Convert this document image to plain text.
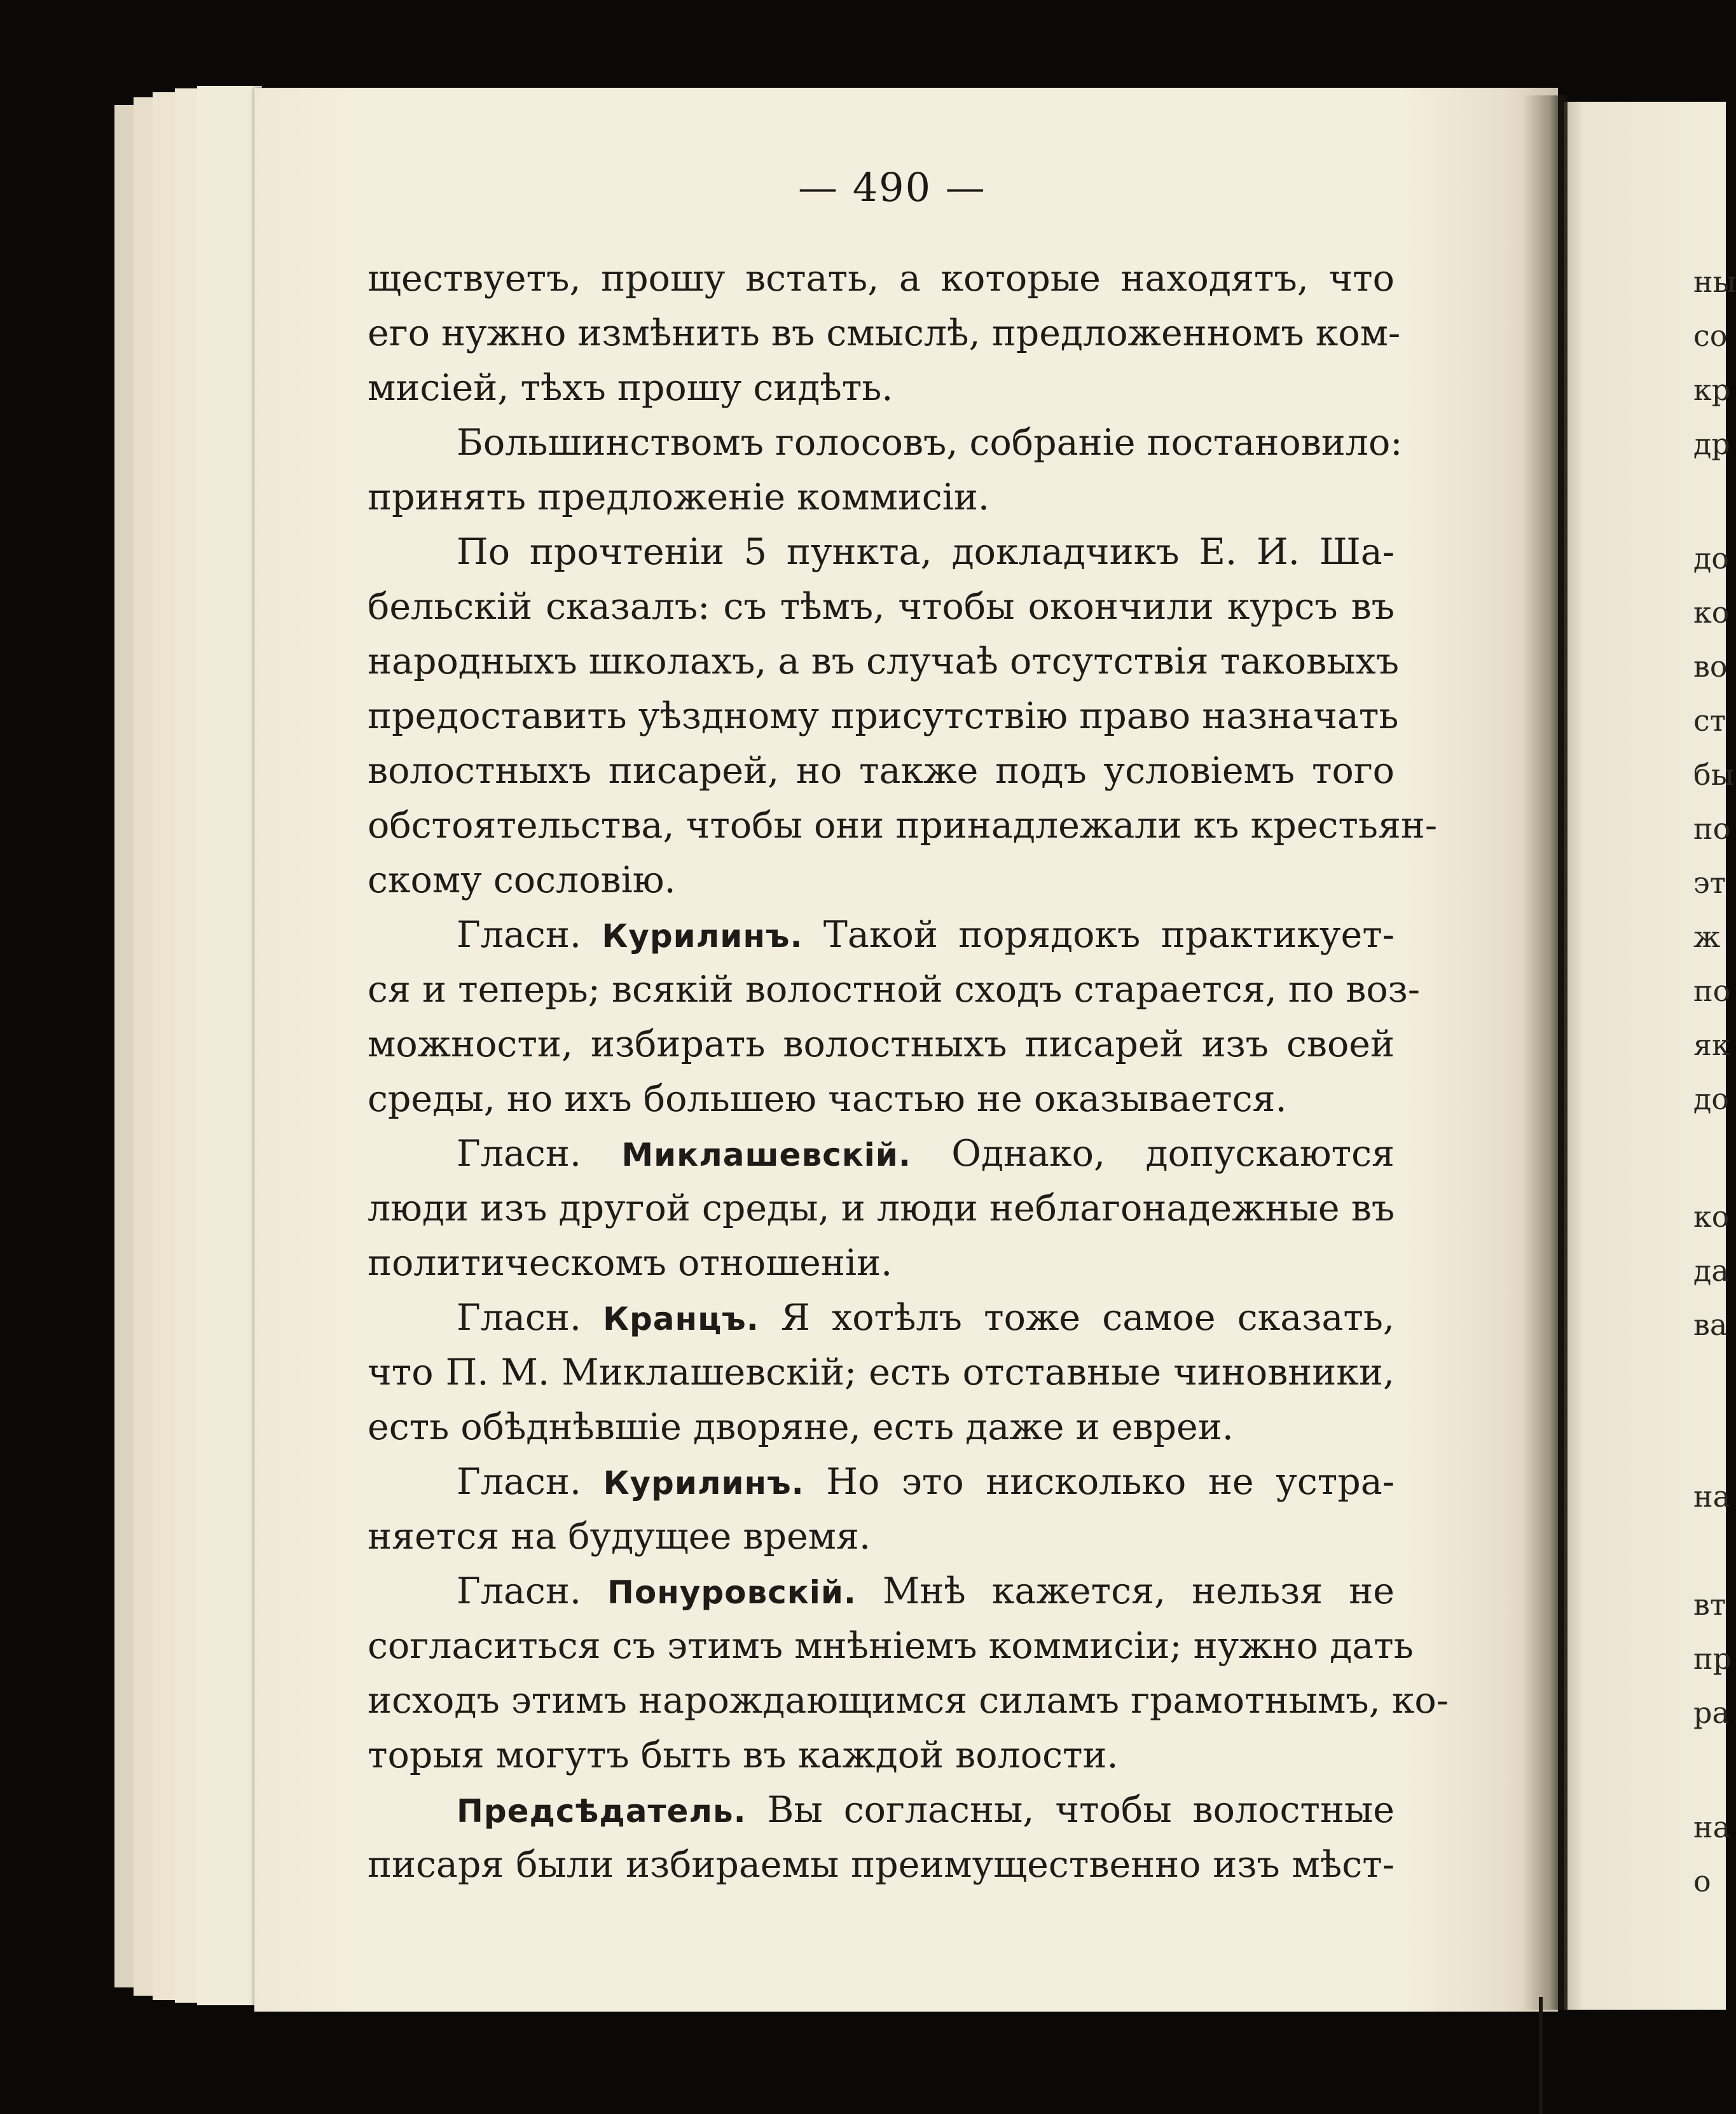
— 490 —
ществуетъ, прошу встать, а которые находятъ, что
его нужно измѣнить въ смыслѣ, предложенномъ ком-
мисіей, тѣхъ прошу сидѣть.
Большинствомъ голосовъ, собраніе постановило:
принять предложеніе коммисіи.
По прочтеніи 5 пункта, докладчикъ Е. И. Ша-
бельскій сказалъ: съ тѣмъ, чтобы окончили курсъ въ
народныхъ школахъ, а въ случаѣ отсутствія таковыхъ
предоставить уѣздному присутствію право назначать
волостныхъ писарей, но также подъ условіемъ того
обстоятельства, чтобы они принадлежали къ крестьян-
скому сословію.
Гласн. Курилинъ. Такой порядокъ практикует-
ся и теперь; всякій волостной сходъ старается, по воз-
можности, избирать волостныхъ писарей изъ своей
среды, но ихъ большею частью не оказывается.
Гласн. Миклашевскій. Однако, допускаются
люди изъ другой среды, и люди неблагонадежные въ
политическомъ отношеніи.
Гласн. Кранцъ. Я хотѣлъ тоже самое сказать,
что П. М. Миклашевскій; есть отставные чиновники,
есть обѣднѣвшіе дворяне, есть даже и евреи.
Гласн. Курилинъ. Но это нисколько не устра-
няется на будущее время.
Гласн. Понуровскій. Мнѣ кажется, нельзя не
согласиться съ этимъ мнѣніемъ коммисіи; нужно дать
исходъ этимъ нарождающимся силамъ грамотнымъ, ко-
торыя могутъ быть въ каждой волости.
Предсѣдатель. Вы согласны, чтобы волостные
писаря были избираемы преимущественно изъ мѣст-
ны
со
кр
др
до
ко
во
ст
бы
по
эт
ж
по
як
до
ко
да
ва
на
вт
пр
ра
на
о
